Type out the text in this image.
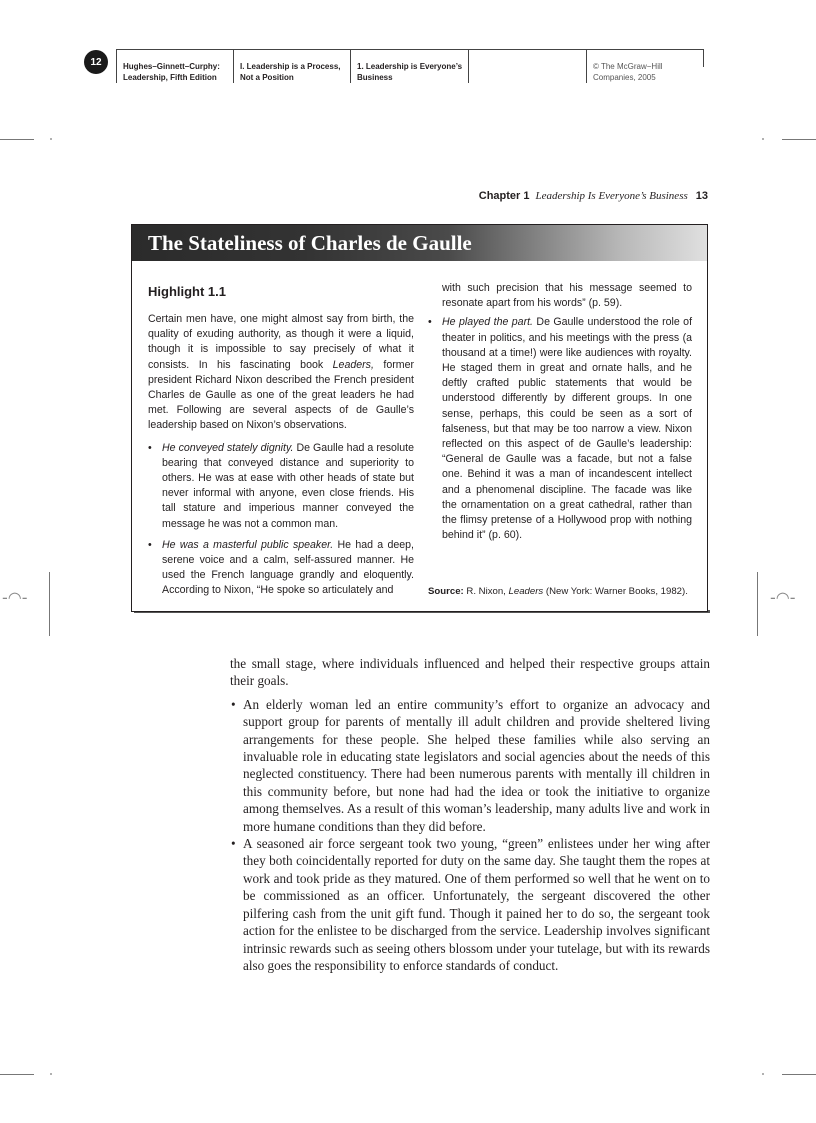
12	Hughes–Ginnett–Curphy:
Leadership, Fifth Edition
I. Leadership is a Process,
Not a Position
1. Leadership is Everyone’s
Business
© The McGraw−Hill
Companies, 2005
-◠-	-◠-
Chapter 1 Leadership Is Everyone’s Business 13
The Stateliness of Charles de Gaulle
Highlight 1.1

Certain men have, one might almost say from birth, the quality of exuding authority, as though it were a liquid, though it is impossible to say precisely of what it consists. In his fascinating book Leaders, former president Richard Nixon described the French president Charles de Gaulle as one of the great leaders he had met. Following are several aspects of de Gaulle’s leadership based on Nixon’s observations.

• He conveyed stately dignity. De Gaulle had a resolute bearing that conveyed distance and superiority to others. He was at ease with other heads of state but never informal with anyone, even close friends. His tall stature and imperious manner conveyed the message he was not a common man.
• He was a masterful public speaker. He had a deep, serene voice and a calm, self-assured manner. He used the French language grandly and eloquently. According to Nixon, “He spoke so articulately and

with such precision that his message seemed to resonate apart from his words” (p. 59).

• He played the part. De Gaulle understood the role of theater in politics, and his meetings with the press (a thousand at a time!) were like audiences with royalty. He staged them in great and ornate halls, and he deftly crafted public statements that would be understood differently by different groups. In one sense, perhaps, this could be seen as a sort of falseness, but that may be too narrow a view. Nixon reflected on this aspect of de Gaulle’s leadership: “General de Gaulle was a facade, but not a false one. Behind it was a man of incandescent intellect and a phenomenal discipline. The facade was like the ornamentation on a great cathedral, rather than the flimsy pretense of a Hollywood prop with nothing behind it” (p. 60).
Source: R. Nixon, Leaders (New York: Warner Books, 1982).

the small stage, where individuals influenced and helped their respective groups attain their goals.

• An elderly woman led an entire community’s effort to organize an advocacy and support group for parents of mentally ill adult children and provide sheltered living arrangements for these people. She helped these families while also serving an invaluable role in educating state legislators and social agencies about the needs of this neglected constituency. There had been numerous parents with mentally ill children in this community before, but none had had the idea or took the initiative to organize among themselves. As a result of this woman’s leadership, many adults live and work in more humane conditions than they did before.
• A seasoned air force sergeant took two young, “green” enlistees under her wing after they both coincidentally reported for duty on the same day. She taught them the ropes at work and took pride as they matured. One of them performed so well that he went on to be commissioned as an officer. Unfortunately, the sergeant discovered the other pilfering cash from the unit gift fund. Though it pained her to do so, the sergeant took action for the enlistee to be discharged from the service. Leadership involves significant intrinsic rewards such as seeing others blossom under your tutelage, but with its rewards also goes the responsibility to enforce standards of conduct.
